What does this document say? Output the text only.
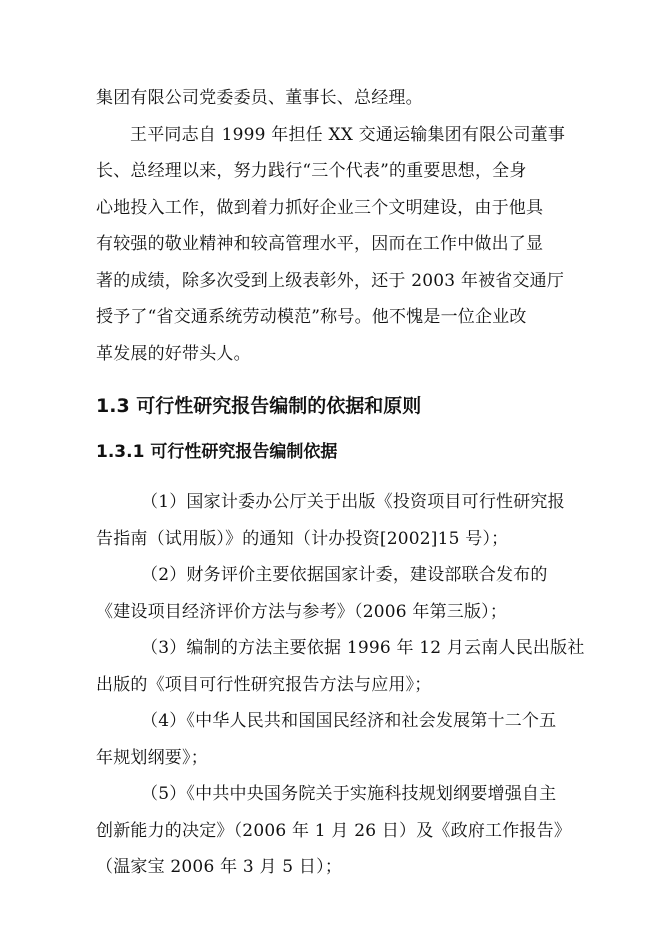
集团有限公司党委委员、董事长、总经理。
王平同志自 1999 年担任 XX 交通运输集团有限公司董事
长、总经理以来，努力践行“三个代表”的重要思想，全身
心地投入工作，做到着力抓好企业三个文明建设，由于他具
有较强的敬业精神和较高管理水平，因而在工作中做出了显
著的成绩，除多次受到上级表彰外，还于 2003 年被省交通厅
授予了“省交通系统劳动模范”称号。他不愧是一位企业改
革发展的好带头人。
1.3 可行性研究报告编制的依据和原则
1.3.1 可行性研究报告编制依据
（1）国家计委办公厅关于出版《投资项目可行性研究报
告指南（试用版）》的通知（计办投资[2002]15 号）；
（2）财务评价主要依据国家计委，建设部联合发布的
《建设项目经济评价方法与参考》（2006 年第三版）；
（3）编制的方法主要依据 1996 年 12 月云南人民出版社
出版的《项目可行性研究报告方法与应用》；
（4）《中华人民共和国国民经济和社会发展第十二个五
年规划纲要》；
（5）《中共中央国务院关于实施科技规划纲要增强自主
创新能力的决定》（2006 年 1 月 26 日）及《政府工作报告》
（温家宝 2006 年 3 月 5 日）；
